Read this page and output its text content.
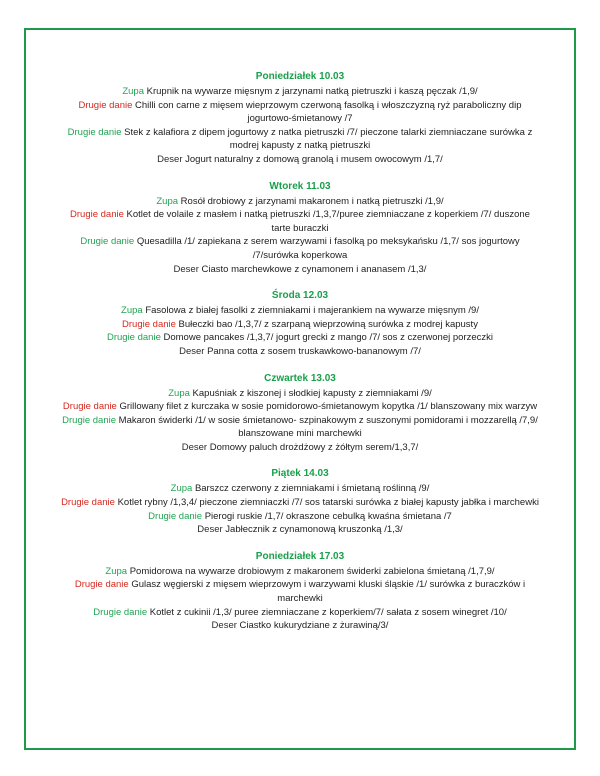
Poniedziałek 10.03
Zupa Krupnik na wywarze mięsnym z jarzynami natką pietruszki i kaszą pęczak /1,9/
Drugie danie Chilli con carne z mięsem wieprzowym czerwoną fasolką i włoszczyzną ryż paraboliczny dip jogurtowo-śmietanowy /7
Drugie danie Stek z kalafiora z dipem jogurtowy z natka pietruszki /7/ pieczone talarki ziemniaczane surówka z modrej kapusty z natką pietruszki
Deser Jogurt naturalny z domową granolą i musem owocowym /1,7/
Wtorek 11.03
Zupa Rosół drobiowy z jarzynami makaronem i natką pietruszki /1,9/
Drugie danie Kotlet de volaile z masłem i natką pietruszki /1,3,7/puree ziemniaczane z koperkiem /7/ duszone tarte buraczki
Drugie danie Quesadilla /1/ zapiekana z serem warzywami i fasolką po meksykańsku /1,7/ sos jogurtowy /7/surówka koperkowa
Deser Ciasto marchewkowe z cynamonem i ananasem /1,3/
Środa 12.03
Zupa Fasolowa z białej fasolki z ziemniakami i majerankiem na wywarze mięsnym /9/
Drugie danie Bułeczki bao /1,3,7/ z szarpaną wieprzowiną surówka z modrej kapusty
Drugie danie Domowe pancakes /1,3,7/ jogurt grecki z mango /7/ sos z czerwonej porzeczki
Deser Panna cotta z sosem truskawkowo-bananowym /7/
Czwartek 13.03
Zupa Kapuśniak z kiszonej i słodkiej kapusty z ziemniakami /9/
Drugie danie Grillowany filet z kurczaka w sosie pomidorowo-śmietanowym kopytka /1/ blanszowany mix warzyw
Drugie danie Makaron świderki /1/ w sosie śmietanowo- szpinakowym z suszonymi pomidorami i mozzarellą /7,9/ blanszowane mini marchewki
Deser Domowy paluch drożdżowy z żółtym serem/1,3,7/
Piątek 14.03
Zupa Barszcz czerwony z ziemniakami i śmietaną roślinną /9/
Drugie danie Kotlet rybny /1,3,4/ pieczone ziemniaczki /7/ sos tatarski surówka z białej kapusty jabłka i marchewki
Drugie danie Pierogi ruskie /1,7/ okraszone cebulką kwaśna śmietana /7
Deser Jabłecznik z cynamonową kruszonką /1,3/
Poniedziałek 17.03
Zupa Pomidorowa na wywarze drobiowym z makaronem świderki zabielona śmietaną /1,7,9/
Drugie danie Gulasz węgierski z mięsem wieprzowym i warzywami kluski śląskie /1/ surówka z buraczków i marchewki
Drugie danie Kotlet z cukinii /1,3/ puree ziemniaczane z koperkiem/7/ sałata z sosem winegret /10/
Deser Ciastko kukurydziane z żurawiną/3/
